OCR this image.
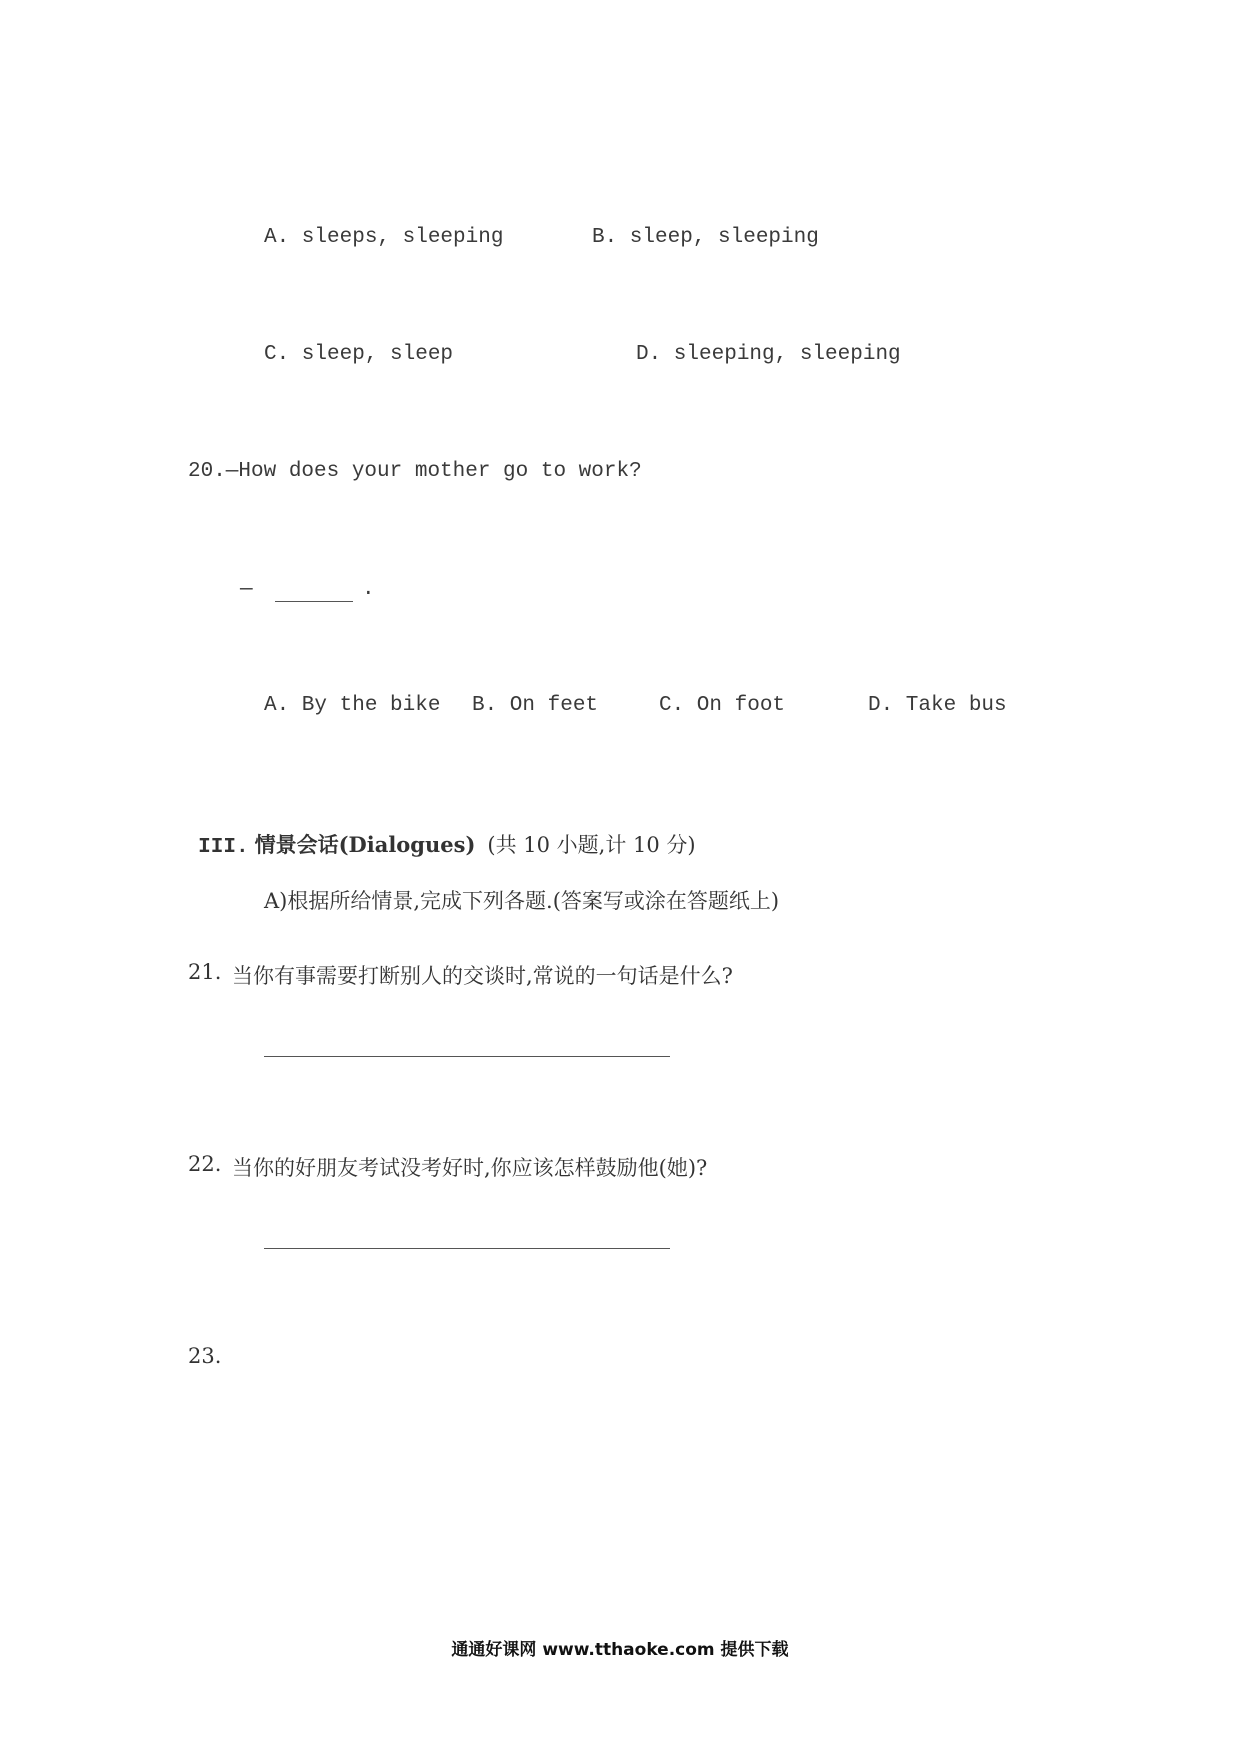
A. sleeps, sleeping	B. sleep, sleeping
C. sleep, sleep	D. sleeping, sleeping
20.—How does your mother go to work?
—	.
A. By the bike B. On feet	C. On foot	D. Take bus

III. 情景会话(Dialogues) (共 10 小题,计 10 分)

A)根据所给情景,完成下列各题.(答案写或涂在答题纸上)
21. 当你有事需要打断别人的交谈时,常说的一句话是什么?
22. 当你的好朋友考试没考好时,你应该怎样鼓励他(她)?
23.
通通好课网 www.tthaoke.com 提供下载
